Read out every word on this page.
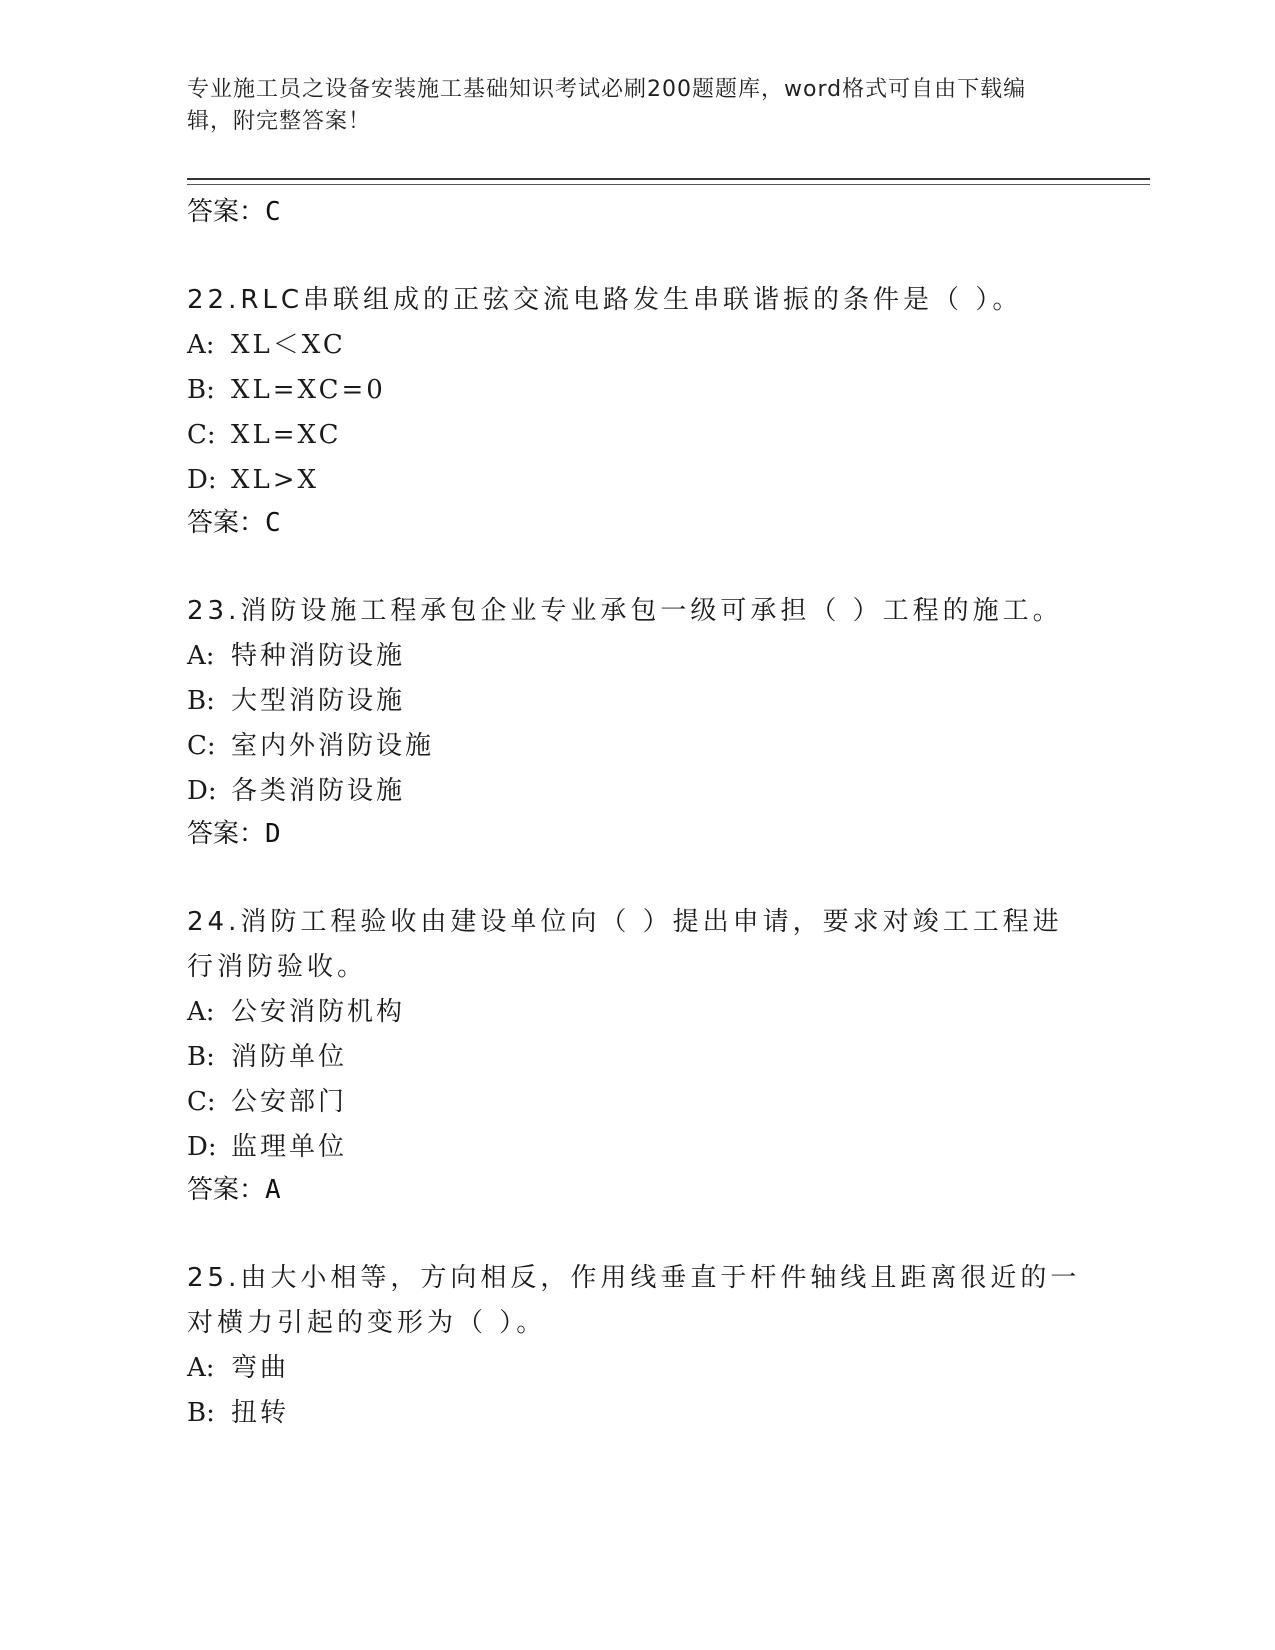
专业施工员之设备安装施工基础知识考试必刷200题题库，word格式可自由下载编辑，附完整答案！
答案：C
22.RLC串联组成的正弦交流电路发生串联谐振的条件是（ ）。
A: XL＜XC
B: XL=XC=0
C: XL=XC
D: XL>X
答案：C
23.消防设施工程承包企业专业承包一级可承担（ ）工程的施工。
A: 特种消防设施
B: 大型消防设施
C: 室内外消防设施
D: 各类消防设施
答案：D
24.消防工程验收由建设单位向（ ）提出申请，要求对竣工工程进行消防验收。
A: 公安消防机构
B: 消防单位
C: 公安部门
D: 监理单位
答案：A
25.由大小相等，方向相反，作用线垂直于杆件轴线且距离很近的一对横力引起的变形为（ ）。
A: 弯曲
B: 扭转
